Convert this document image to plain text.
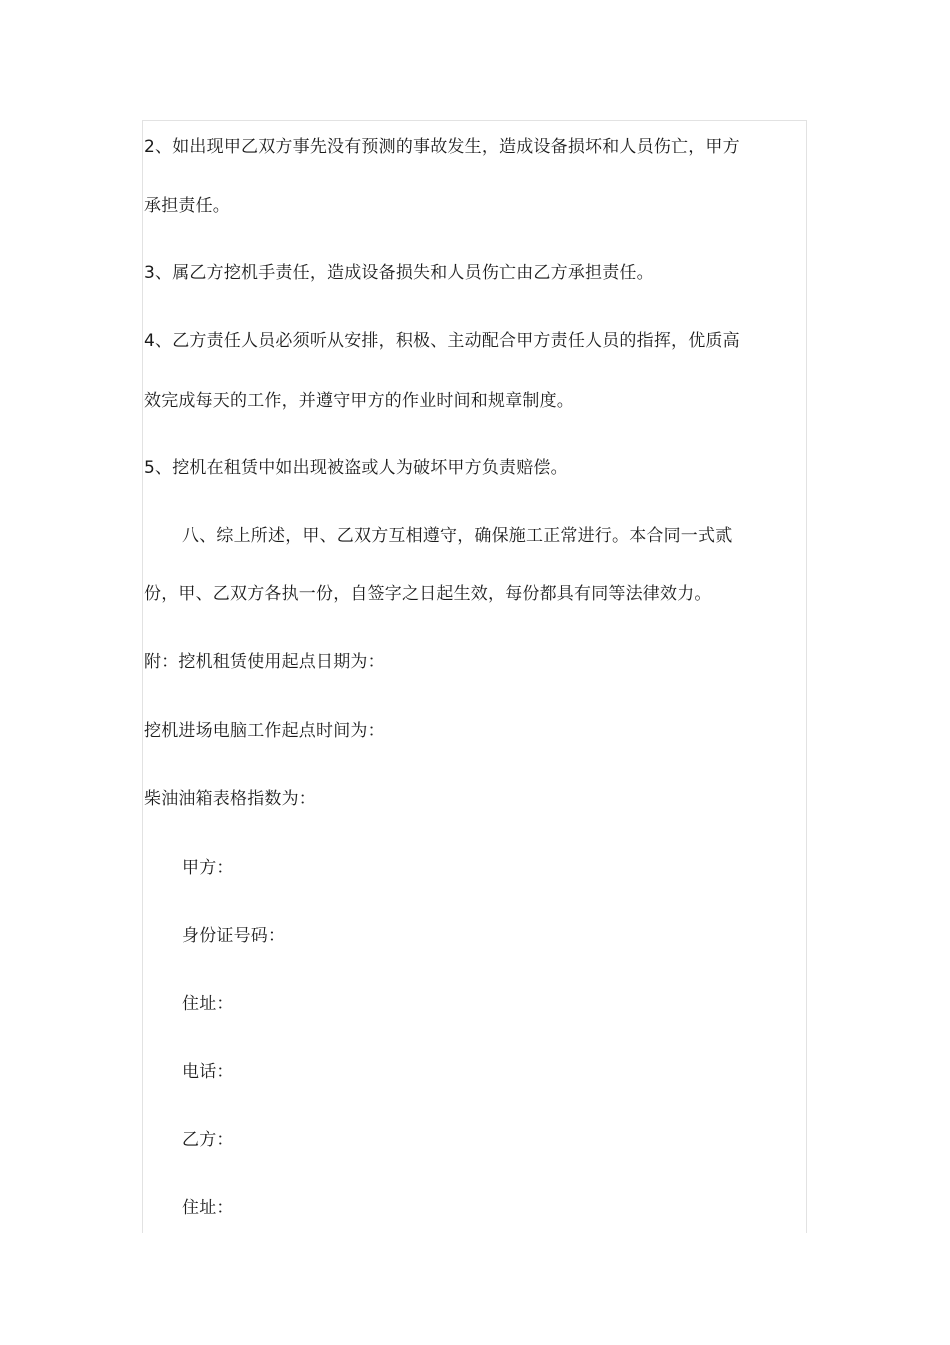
2、如出现甲乙双方事先没有预测的事故发生，造成设备损坏和人员伤亡，甲方
承担责任。
3、属乙方挖机手责任，造成设备损失和人员伤亡由乙方承担责任。
4、乙方责任人员必须听从安排，积极、主动配合甲方责任人员的指挥，优质高
效完成每天的工作，并遵守甲方的作业时间和规章制度。
5、挖机在租赁中如出现被盗或人为破坏甲方负责赔偿。
八、综上所述，甲、乙双方互相遵守，确保施工正常进行。本合同一式贰
份，甲、乙双方各执一份，自签字之日起生效，每份都具有同等法律效力。
附：挖机租赁使用起点日期为：
挖机进场电脑工作起点时间为：
柴油油箱表格指数为：
甲方：
身份证号码：
住址：
电话：
乙方：
住址：
